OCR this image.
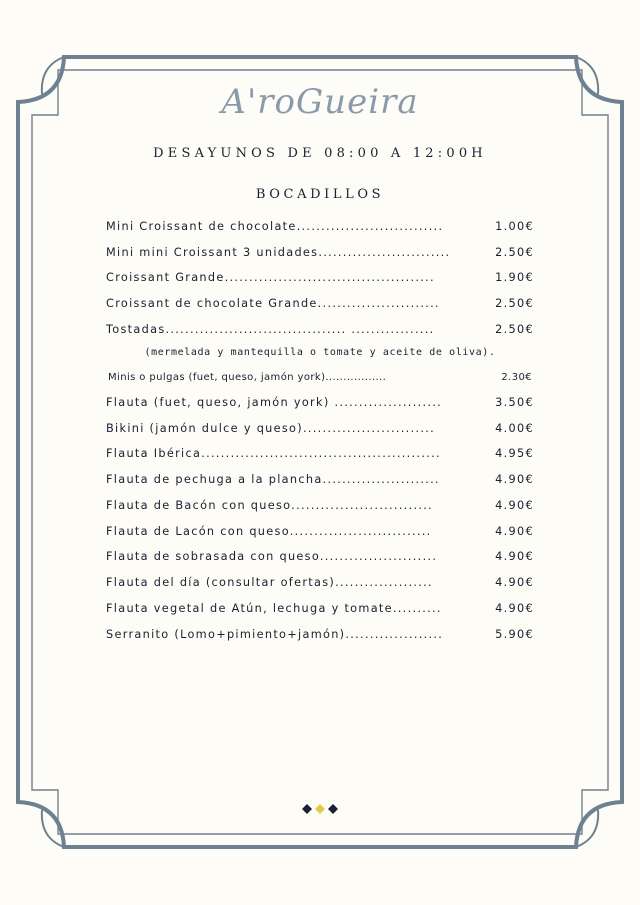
A'roGueira
DESAYUNOS DE 08:00 A 12:00H
BOCADILLOS
Mini Croissant de chocolate..............................	1.00€
Mini mini Croissant 3 unidades...........................	2.50€
Croissant Grande...........................................	1.90€
Croissant de chocolate Grande.........................	2.50€
Tostadas..................................... .................	2.50€
(mermelada y mantequilla o tomate y aceite de oliva).
Minis o pulgas (fuet, queso, jamón york).................	2.30€
Flauta (fuet, queso, jamón york) ......................	3.50€
Bikini (jamón dulce y queso)...........................	4.00€
Flauta Ibérica.................................................	4.95€
Flauta de pechuga a la plancha........................	4.90€
Flauta de Bacón con queso.............................	4.90€
Flauta de Lacón con queso.............................	4.90€
Flauta de sobrasada con queso........................	4.90€
Flauta del día (consultar ofertas)....................	4.90€
Flauta vegetal de Atún, lechuga y tomate..........	4.90€
Serranito (Lomo+pimiento+jamón)....................	5.90€
